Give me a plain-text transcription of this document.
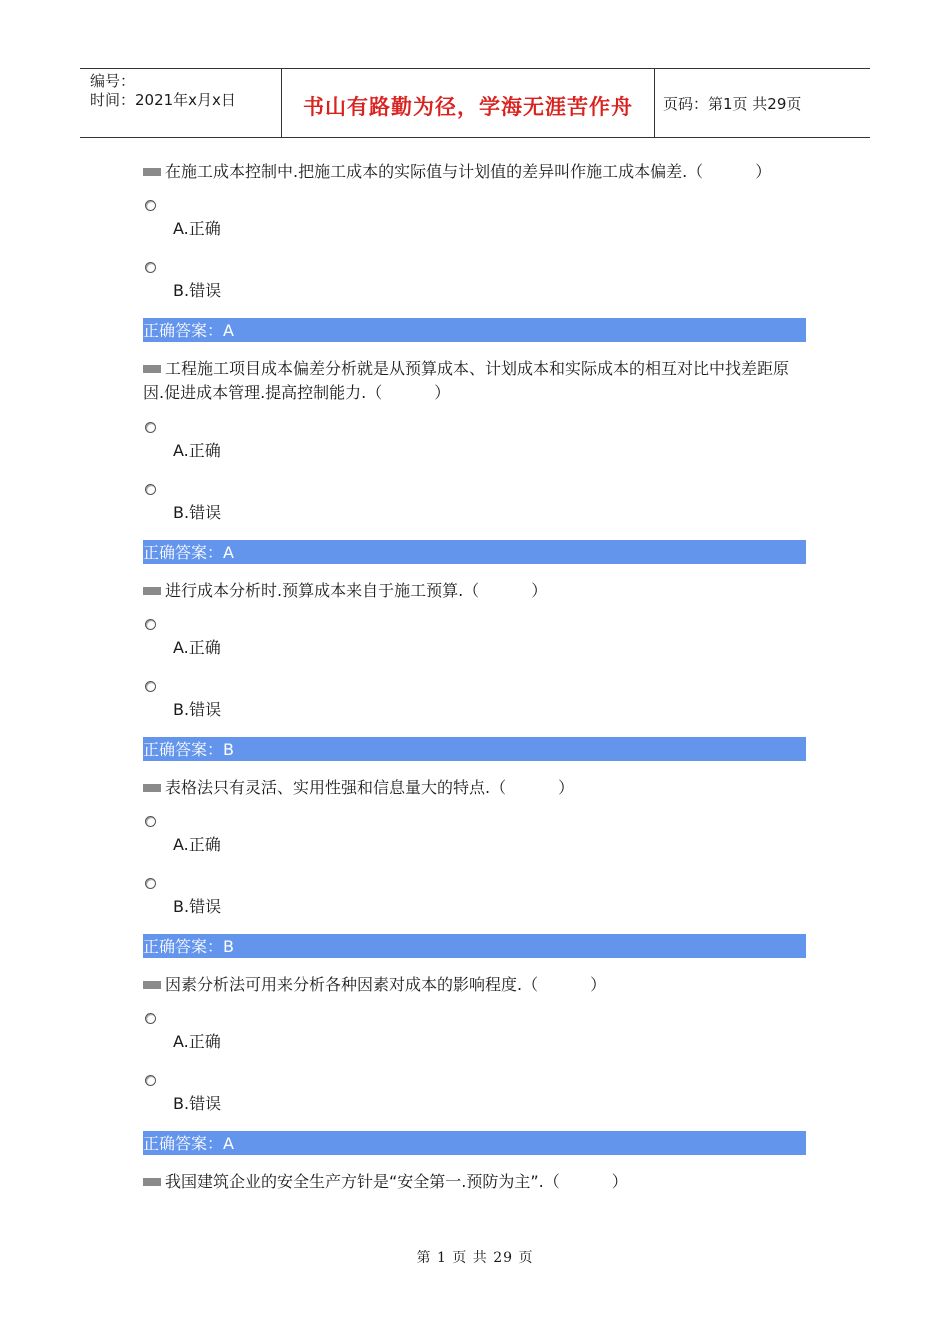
编号：
时间：2021年x月x日	书山有路勤为径，学海无涯苦作舟	页码：第1页 共29页
在施工成本控制中.把施工成本的实际值与计划值的差异叫作施工成本偏差.（	）
A.正确
B.错误
正确答案：A
工程施工项目成本偏差分析就是从预算成本、计划成本和实际成本的相互对比中找差距原因.促进成本管理.提高控制能力.（	）
A.正确
B.错误
正确答案：A
进行成本分析时.预算成本来自于施工预算.（	）
A.正确
B.错误
正确答案：B
表格法只有灵活、实用性强和信息量大的特点.（	）
A.正确
B.错误
正确答案：B
因素分析法可用来分析各种因素对成本的影响程度.（	）
A.正确
B.错误
正确答案：A
我国建筑企业的安全生产方针是“安全第一.预防为主”.（	）
第 1 页 共 29 页
